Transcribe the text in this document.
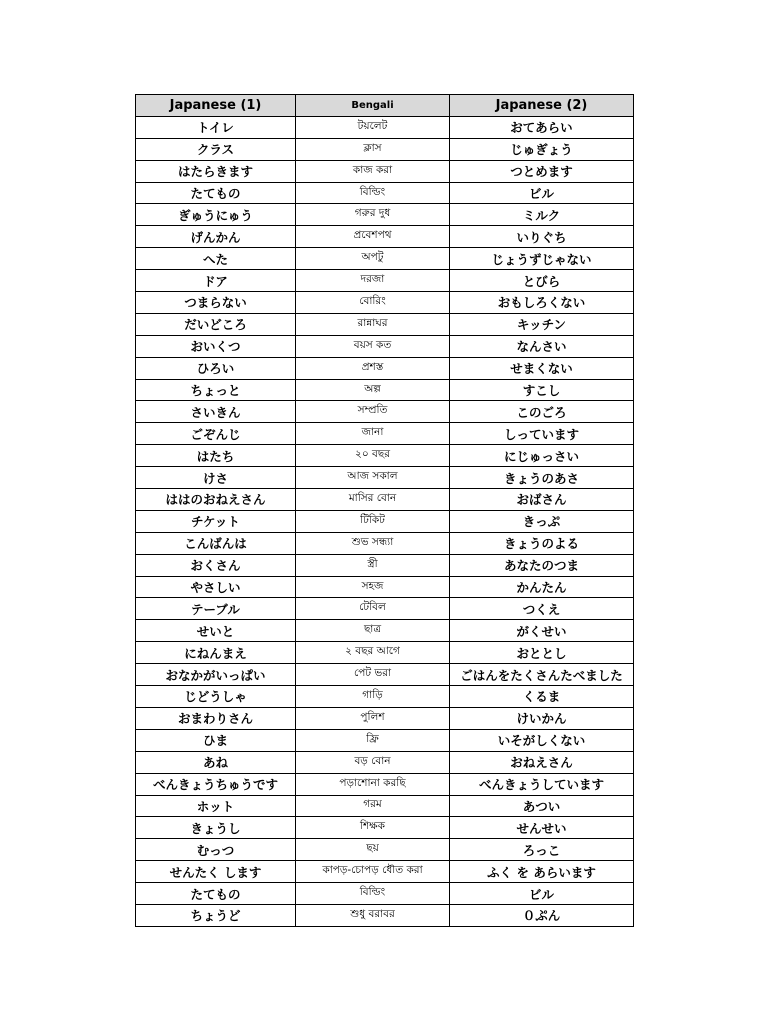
Japanese (1)	Bengali	Japanese (2)
トイレ	টয়লেট	おてあらい
クラス	ক্লাস	じゅぎょう
はたらきます	কাজ করা	つとめます
たてもの	বিল্ডিং	ビル
ぎゅうにゅう	গরুর দুধ	ミルク
げんかん	প্রবেশপথ	いりぐち
へた	অপটু	じょうずじゃない
ドア	দরজা	とびら
つまらない	বোরিং	おもしろくない
だいどころ	রান্নাঘর	キッチン
おいくつ	বয়স কত	なんさい
ひろい	প্রশস্ত	せまくない
ちょっと	অল্প	すこし
さいきん	সম্প্রতি	このごろ
ごぞんじ	জানা	しっています
はたち	২০ বছর	にじゅっさい
けさ	আজ সকাল	きょうのあさ
ははのおねえさん	মাসির বোন	おばさん
チケット	টিকিট	きっぷ
こんばんは	শুভ সন্ধ্যা	きょうのよる
おくさん	স্ত্রী	あなたのつま
やさしい	সহজ	かんたん
テーブル	টেবিল	つくえ
せいと	ছাত্র	がくせい
にねんまえ	২ বছর আগে	おととし
おなかがいっぱい	পেট ভরা	ごはんをたくさんたべました
じどうしゃ	গাড়ি	くるま
おまわりさん	পুলিশ	けいかん
ひま	ফ্রি	いそがしくない
あね	বড় বোন	おねえさん
べんきょうちゅうです	পড়াশোনা করছি	べんきょうしています
ホット	গরম	あつい
きょうし	শিক্ষক	せんせい
むっつ	ছয়	ろっこ
せんたく します	কাপড়-চোপড় ধৌত করা	ふく を あらいます
たてもの	বিল্ডিং	ビル
ちょうど	শুধু বরাবর	０ぷん
